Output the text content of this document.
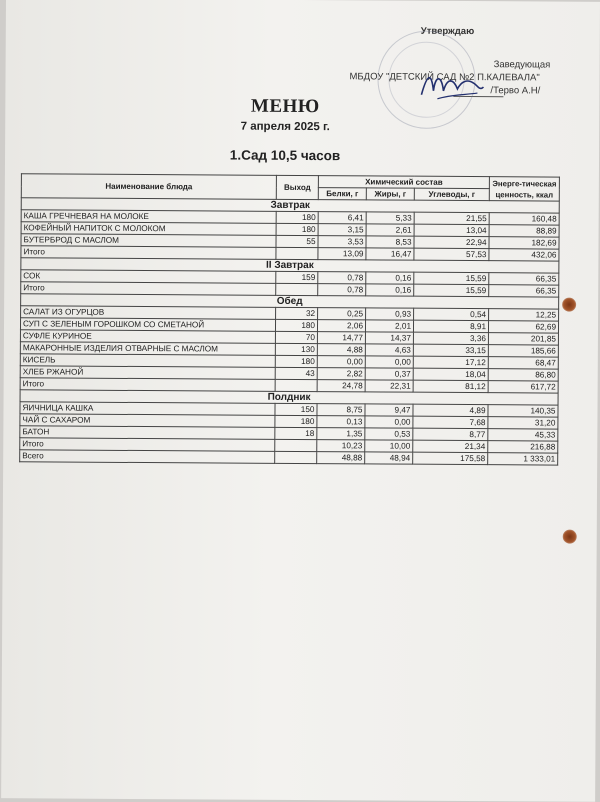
Утверждаю
Заведующая
МБДОУ "ДЕТСКИЙ САД №2 П.КАЛЕВАЛА"
/Терво А.Н/
МЕНЮ
7 апреля 2025 г.
1.Сад 10,5 часов
Наименование блюда	Выход	Химический состав			Энерге-тическая ценность, ккал
		Белки, г	Жиры, г	Углеводы, г	
Завтрак					
КАША ГРЕЧНЕВАЯ НА МОЛОКЕ	180	6,41	5,33	21,55	160,48
КОФЕЙНЫЙ НАПИТОК С МОЛОКОМ	180	3,15	2,61	13,04	88,89
БУТЕРБРОД С МАСЛОМ	55	3,53	8,53	22,94	182,69
Итого		13,09	16,47	57,53	432,06
II Завтрак					
СОК	159	0,78	0,16	15,59	66,35
Итого		0,78	0,16	15,59	66,35
Обед					
САЛАТ ИЗ ОГУРЦОВ	32	0,25	0,93	0,54	12,25
СУП С ЗЕЛЕНЫМ ГОРОШКОМ СО СМЕТАНОЙ	180	2,06	2,01	8,91	62,69
СУФЛЕ КУРИНОЕ	70	14,77	14,37	3,36	201,85
МАКАРОННЫЕ ИЗДЕЛИЯ ОТВАРНЫЕ С МАСЛОМ	130	4,88	4,63	33,15	185,66
КИСЕЛЬ	180	0,00	0,00	17,12	68,47
ХЛЕБ РЖАНОЙ	43	2,82	0,37	18,04	86,80
Итого		24,78	22,31	81,12	617,72
Полдник					
ЯИЧНИЦА КАШКА	150	8,75	9,47	4,89	140,35
ЧАЙ С САХАРОМ	180	0,13	0,00	7,68	31,20
БАТОН	18	1,35	0,53	8,77	45,33
Итого		10,23	10,00	21,34	216,88
Всего		48,88	48,94	175,58	1 333,01
